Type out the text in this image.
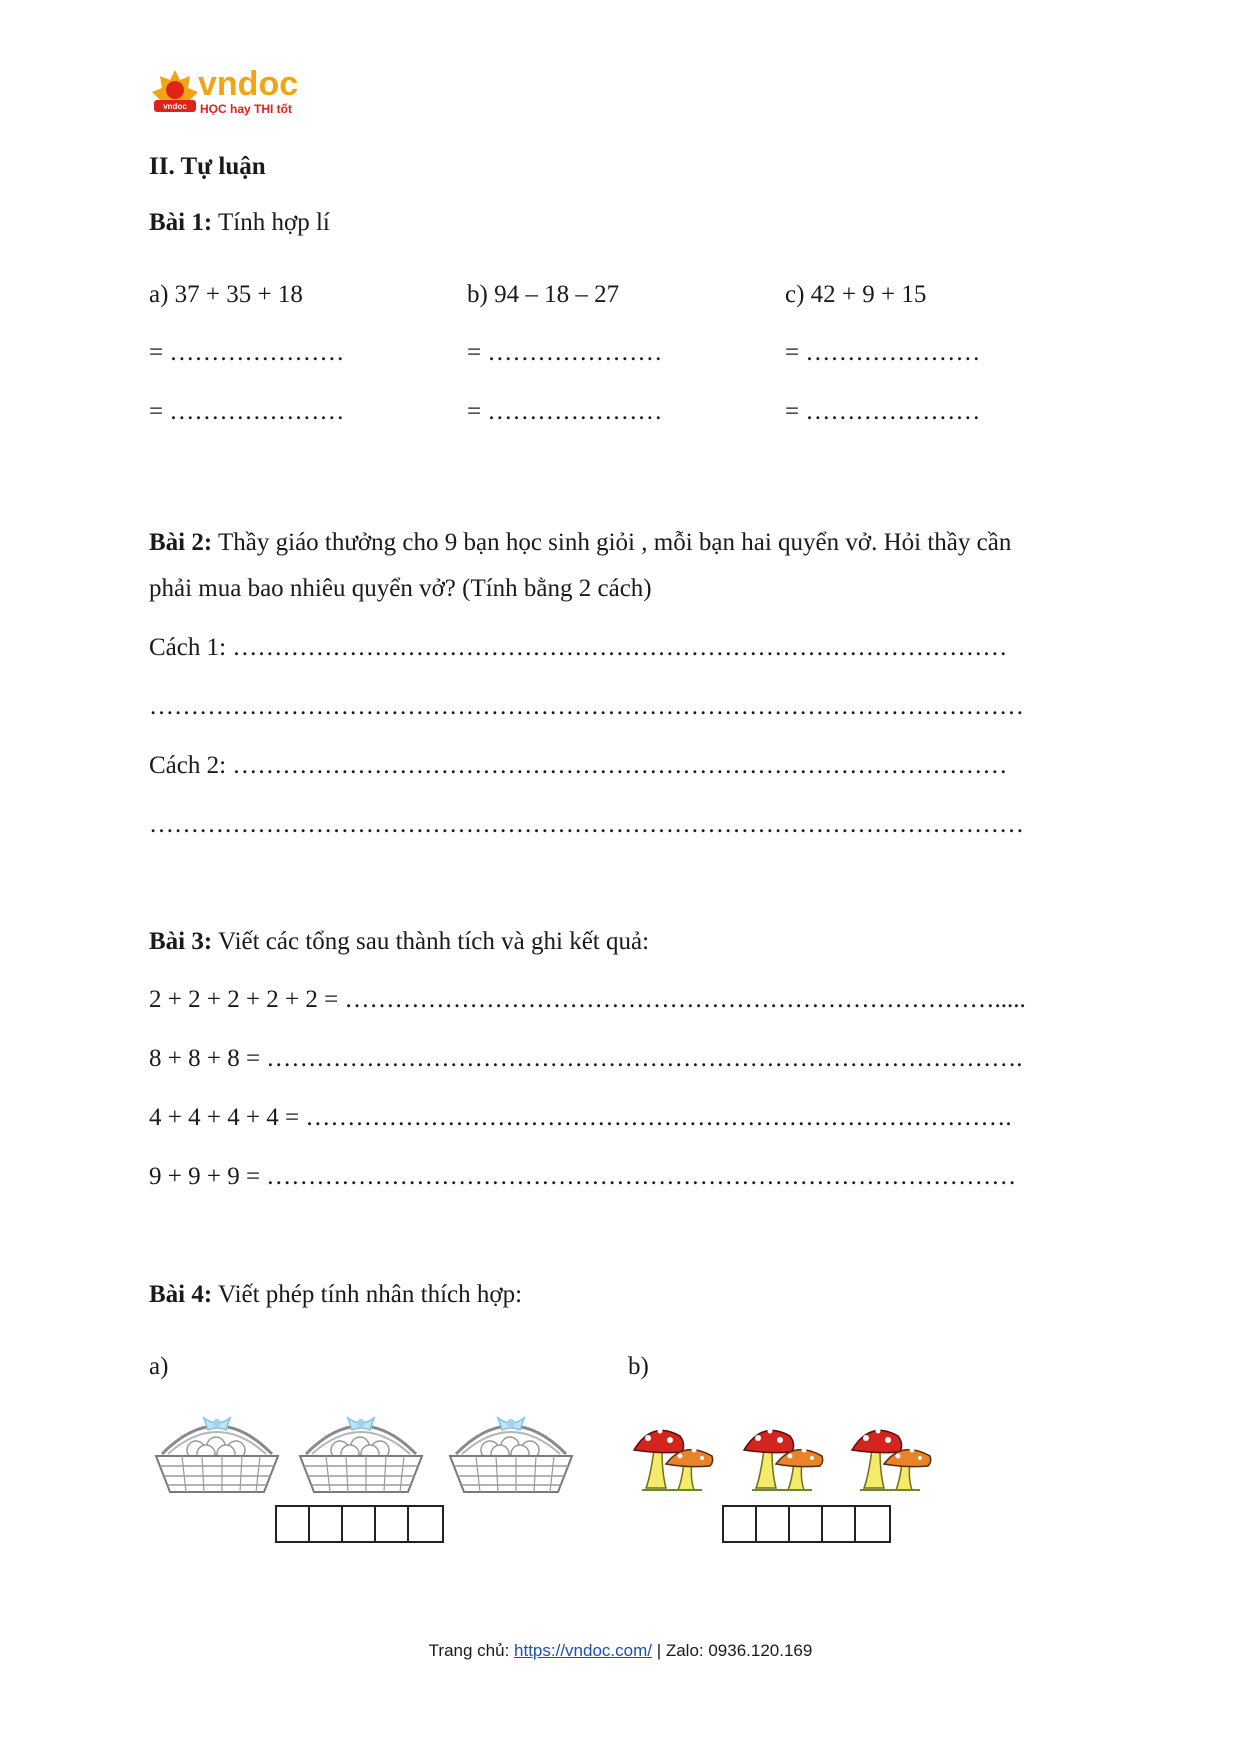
vndoc
vndoc
HỌC hay THI tốt
II. Tự luận
Bài 1: Tính hợp lí
a) 37 + 35 + 18	b) 94 – 18 – 27	c) 42 + 9 + 15
= …………………	= …………………	= …………………
= …………………	= …………………	= …………………
Bài 2: Thầy giáo thưởng cho 9 bạn học sinh giỏi , mỗi bạn hai quyển vở. Hỏi thầy cần
phải mua bao nhiêu quyển vở? (Tính bằng 2 cách)
Cách 1: …………………………………………………………………………………
……………………………………………………………………………………………
Cách 2: …………………………………………………………………………………
……………………………………………………………………………………………
Bài 3: Viết các tổng sau thành tích và ghi kết quả:
2 + 2 + 2 + 2 + 2 = …………………………………………………………………….....
8 + 8 + 8 = ……………………………………………………………………………….
4 + 4 + 4 + 4 = ………………………………………………………………………….
9 + 9 + 9 = ………………………………………………………………………………
Bài 4: Viết phép tính nhân thích hợp:
a)	b)
Trang chủ: https://vndoc.com/ | Zalo: 0936.120.169
